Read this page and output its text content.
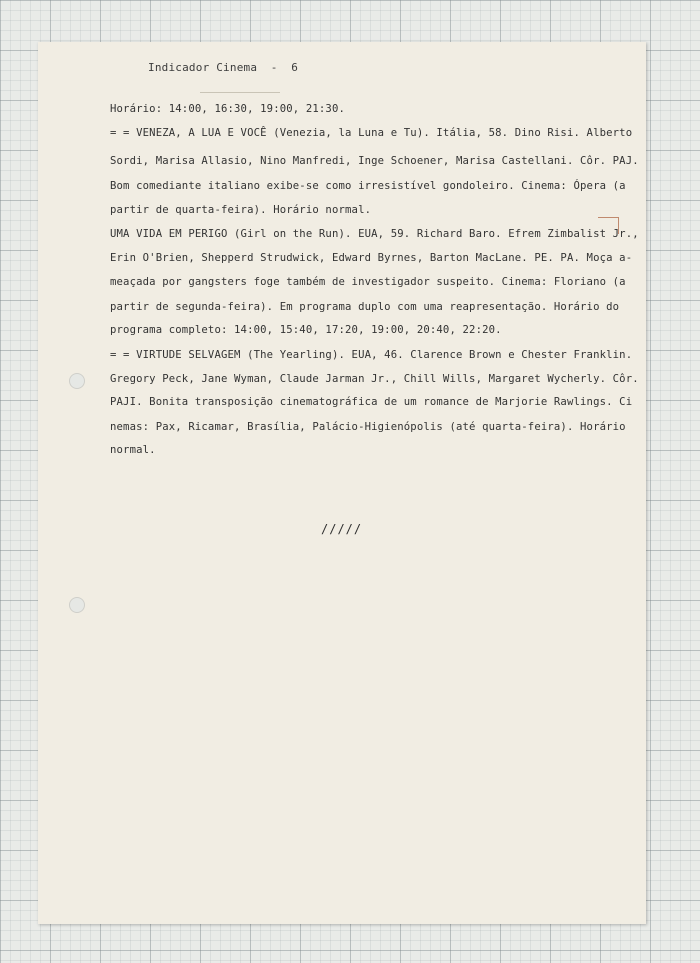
Indicador Cinema  -  6
Horário: 14:00, 16:30, 19:00, 21:30.
= = VENEZA, A LUA E VOCÊ (Venezia, la Luna e Tu). Itália, 58. Dino Risi. Alberto
Sordi, Marisa Allasio, Nino Manfredi, Inge Schoener, Marisa Castellani. Côr. PAJ.
Bom comediante italiano exibe-se como irresistível gondoleiro. Cinema: Ópera (a
partir de quarta-feira). Horário normal.
UMA VIDA EM PERIGO (Girl on the Run). EUA, 59. Richard Baro. Efrem Zimbalist Jr.,
Erin O'Brien, Shepperd Strudwick, Edward Byrnes, Barton MacLane. PE. PA. Moça a-
meaçada por gangsters foge também de investigador suspeito. Cinema: Floriano (a
partir de segunda-feira). Em programa duplo com uma reapresentação. Horário do
programa completo: 14:00, 15:40, 17:20, 19:00, 20:40, 22:20.
= = VIRTUDE SELVAGEM (The Yearling). EUA, 46. Clarence Brown e Chester Franklin.
Gregory Peck, Jane Wyman, Claude Jarman Jr., Chill Wills, Margaret Wycherly. Côr.
PAJI. Bonita transposição cinematográfica de um romance de Marjorie Rawlings. Ci
nemas: Pax, Ricamar, Brasília, Palácio-Higienópolis (até quarta-feira). Horário
normal.
/////
